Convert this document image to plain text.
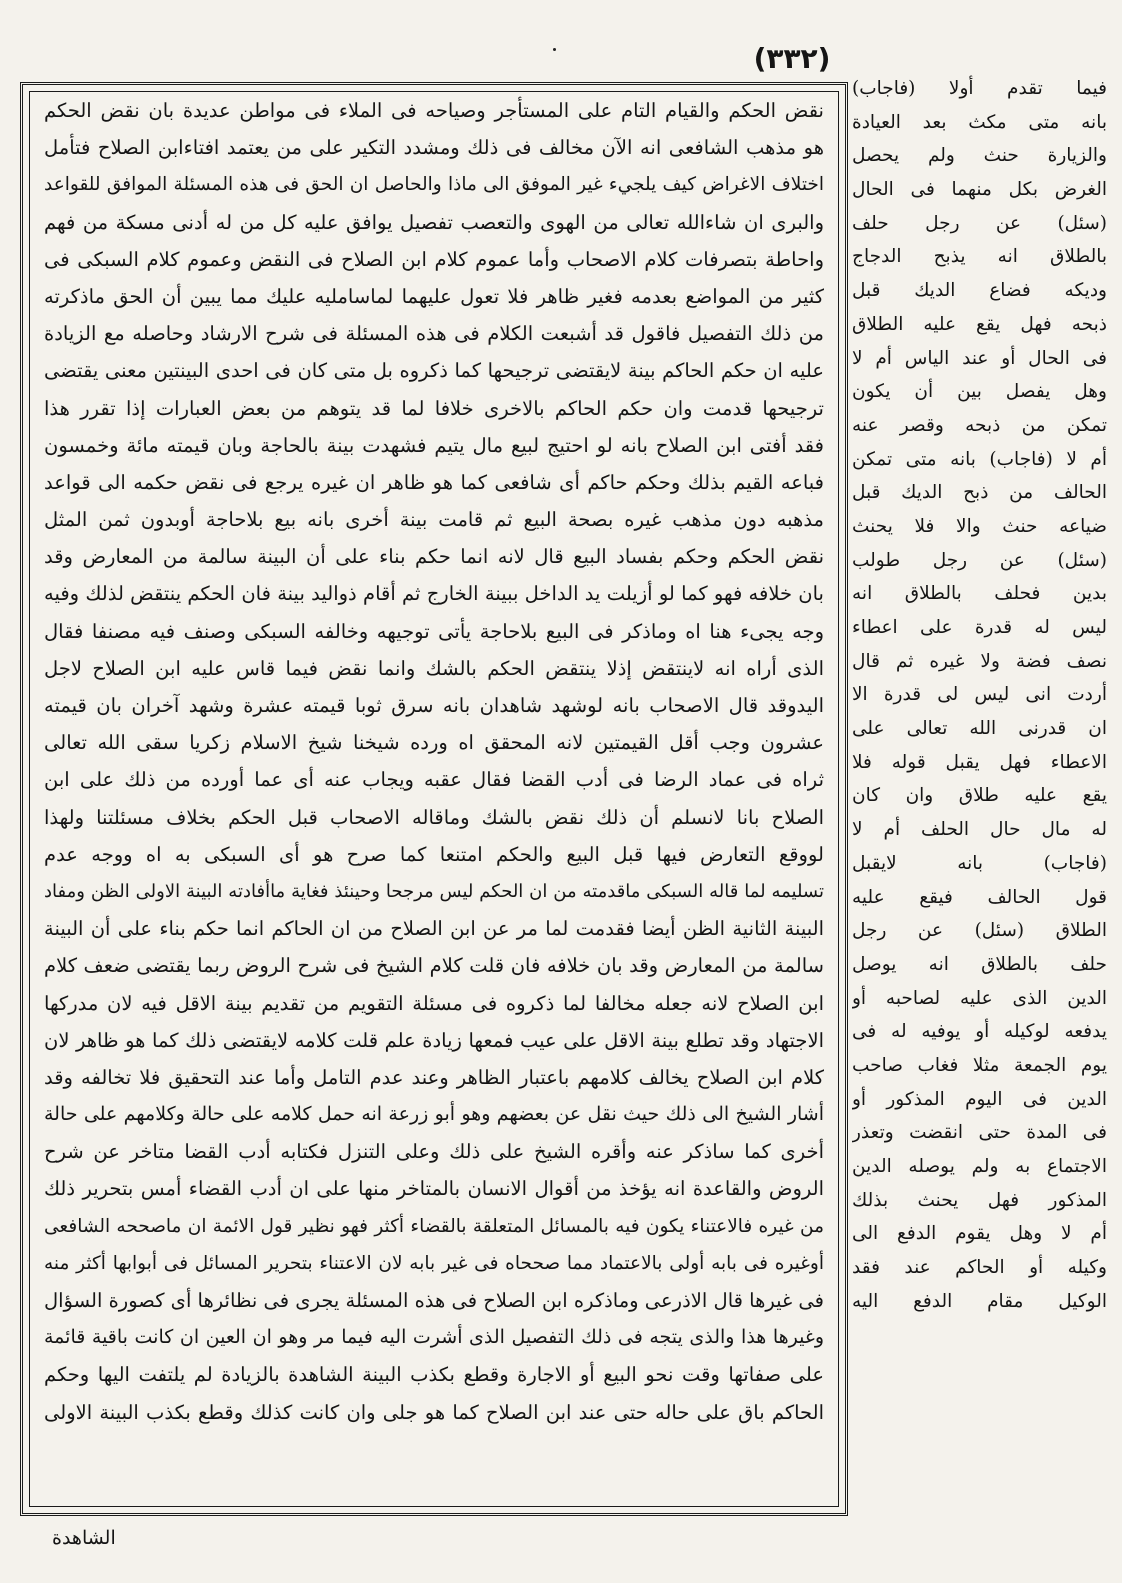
(٣٣٢)
نقض الحكم والقيام التام على المستأجر وصياحه فى الملاء فى مواطن عديدة بان نقض الحكم
هو مذهب الشافعى انه الآن مخالف فى ذلك ومشدد التكير على من يعتمد افتاءابن الصلاح فتأمل
اختلاف الاغراض كيف يلجيء غير الموفق الى ماذا والحاصل ان الحق فى هذه المسئلة الموافق للقواعد
والبرى ان شاءالله تعالى من الهوى والتعصب تفصيل يوافق عليه كل من له أدنى مسكة من فهم
واحاطة بتصرفات كلام الاصحاب وأما عموم كلام ابن الصلاح فى النقض وعموم كلام السبكى فى
كثير من المواضع بعدمه فغير ظاهر فلا تعول عليهما لماسامليه عليك مما يبين أن الحق ماذكرته
من ذلك التفصيل فاقول قد أشبعت الكلام فى هذه المسئلة فى شرح الارشاد وحاصله مع الزيادة
عليه ان حكم الحاكم بينة لايقتضى ترجيحها كما ذكروه بل متى كان فى احدى البينتين معنى يقتضى
ترجيحها قدمت وان حكم الحاكم بالاخرى خلافا لما قد يتوهم من بعض العبارات إذا تقرر هذا
فقد أفتى ابن الصلاح بانه لو احتيج لبيع مال يتيم فشهدت بينة بالحاجة وبان قيمته مائة وخمسون
فباعه القيم بذلك وحكم حاكم أى شافعى كما هو ظاهر ان غيره يرجع فى نقض حكمه الى قواعد
مذهبه دون مذهب غيره بصحة البيع ثم قامت بينة أخرى بانه بيع بلاحاجة أوبدون ثمن المثل
نقض الحكم وحكم بفساد البيع قال لانه انما حكم بناء على أن البينة سالمة من المعارض وقد
بان خلافه فهو كما لو أزيلت يد الداخل ببينة الخارج ثم أقام ذواليد بينة فان الحكم ينتقض لذلك وفيه
وجه يجىء هنا اه وماذكر فى البيع بلاحاجة يأتى توجيهه وخالفه السبكى وصنف فيه مصنفا فقال
الذى أراه انه لاينتقض إذلا ينتقض الحكم بالشك وانما نقض فيما قاس عليه ابن الصلاح لاجل
اليدوقد قال الاصحاب بانه لوشهد شاهدان بانه سرق ثوبا قيمته عشرة وشهد آخران بان قيمته
عشرون وجب أقل القيمتين لانه المحقق اه ورده شيخنا شيخ الاسلام زكريا سقى الله تعالى
ثراه فى عماد الرضا فى أدب القضا فقال عقبه ويجاب عنه أى عما أورده من ذلك على ابن
الصلاح بانا لانسلم أن ذلك نقض بالشك وماقاله الاصحاب قبل الحكم بخلاف مسئلتنا ولهذا
لووقع التعارض فيها قبل البيع والحكم امتنعا كما صرح هو أى السبكى به اه ووجه عدم
تسليمه لما قاله السبكى ماقدمته من ان الحكم ليس مرجحا وحينئذ فغاية ماأفادته البينة الاولى الظن ومفاد
البينة الثانية الظن أيضا فقدمت لما مر عن ابن الصلاح من ان الحاكم انما حكم بناء على أن البينة
سالمة من المعارض وقد بان خلافه فان قلت كلام الشيخ فى شرح الروض ربما يقتضى ضعف كلام
ابن الصلاح لانه جعله مخالفا لما ذكروه فى مسئلة التقويم من تقديم بينة الاقل فيه لان مدركها
الاجتهاد وقد تطلع بينة الاقل على عيب فمعها زيادة علم قلت كلامه لايقتضى ذلك كما هو ظاهر لان
كلام ابن الصلاح يخالف كلامهم باعتبار الظاهر وعند عدم التامل وأما عند التحقيق فلا تخالفه وقد
أشار الشيخ الى ذلك حيث نقل عن بعضهم وهو أبو زرعة انه حمل كلامه على حالة وكلامهم على حالة
أخرى كما ساذكر عنه وأقره الشيخ على ذلك وعلى التنزل فكتابه أدب القضا متاخر عن شرح
الروض والقاعدة انه يؤخذ من أقوال الانسان بالمتاخر منها على ان أدب القضاء أمس بتحرير ذلك
من غيره فالاعتناء يكون فيه بالمسائل المتعلقة بالقضاء أكثر فهو نظير قول الائمة ان ماصححه الشافعى
أوغيره فى بابه أولى بالاعتماد مما صححاه فى غير بابه لان الاعتناء بتحرير المسائل فى أبوابها أكثر منه
فى غيرها قال الاذرعى وماذكره ابن الصلاح فى هذه المسئلة يجرى فى نظائرها أى كصورة السؤال
وغيرها هذا والذى يتجه فى ذلك التفصيل الذى أشرت اليه فيما مر وهو ان العين ان كانت باقية قائمة
على صفاتها وقت نحو البيع أو الاجارة وقطع بكذب البينة الشاهدة بالزيادة لم يلتفت اليها وحكم
الحاكم باق على حاله حتى عند ابن الصلاح كما هو جلى وان كانت كذلك وقطع بكذب البينة الاولى
فيما تقدم أولا (فاجاب)
بانه متى مكث بعد العيادة
والزيارة حنث ولم يحصل
الغرض بكل منهما فى الحال
(سئل) عن رجل حلف
بالطلاق انه يذبح الدجاج
وديكه فضاع الديك قبل
ذبحه فهل يقع عليه الطلاق
فى الحال أو عند الياس أم لا
وهل يفصل بين أن يكون
تمكن من ذبحه وقصر عنه
أم لا (فاجاب) بانه متى تمكن
الحالف من ذبح الديك قبل
ضياعه حنث والا فلا يحنث
(سئل) عن رجل طولب
بدين فحلف بالطلاق انه
ليس له قدرة على اعطاء
نصف فضة ولا غيره ثم قال
أردت انى ليس لى قدرة الا
ان قدرنى الله تعالى على
الاعطاء فهل يقبل قوله فلا
يقع عليه طلاق وان كان
له مال حال الحلف أم لا
(فاجاب) بانه لايقبل
قول الحالف فيقع عليه
الطلاق (سئل) عن رجل
حلف بالطلاق انه يوصل
الدين الذى عليه لصاحبه أو
يدفعه لوكيله أو يوفيه له فى
يوم الجمعة مثلا فغاب صاحب
الدين فى اليوم المذكور أو
فى المدة حتى انقضت وتعذر
الاجتماع به ولم يوصله الدين
المذكور فهل يحنث بذلك
أم لا وهل يقوم الدفع الى
وكيله أو الحاكم عند فقد
الوكيل مقام الدفع اليه
الشاهدة
